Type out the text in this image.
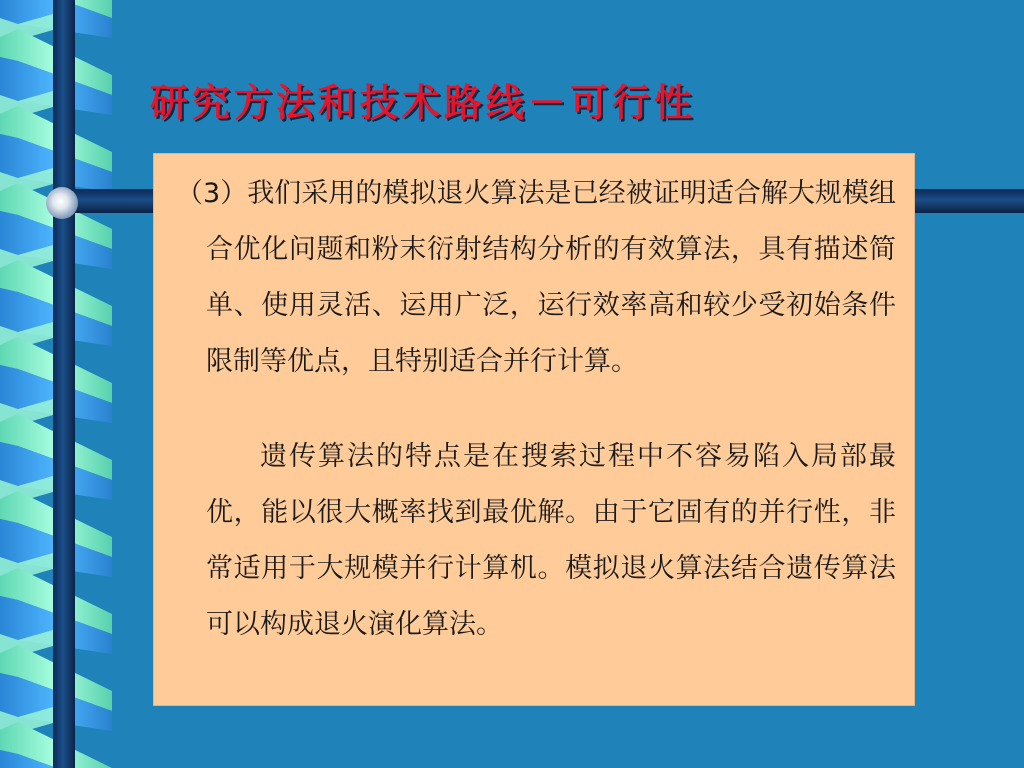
研究方法和技术路线－可行性

（3）我们采用的模拟退火算法是已经被证明适合解大规模组合优化问题和粉末衍射结构分析的有效算法，具有描述简单、使用灵活、运用广泛，运行效率高和较少受初始条件限制等优点，且特别适合并行计算。

遗传算法的特点是在搜索过程中不容易陷入局部最优，能以很大概率找到最优解。由于它固有的并行性，非常适用于大规模并行计算机。模拟退火算法结合遗传算法可以构成退火演化算法。
